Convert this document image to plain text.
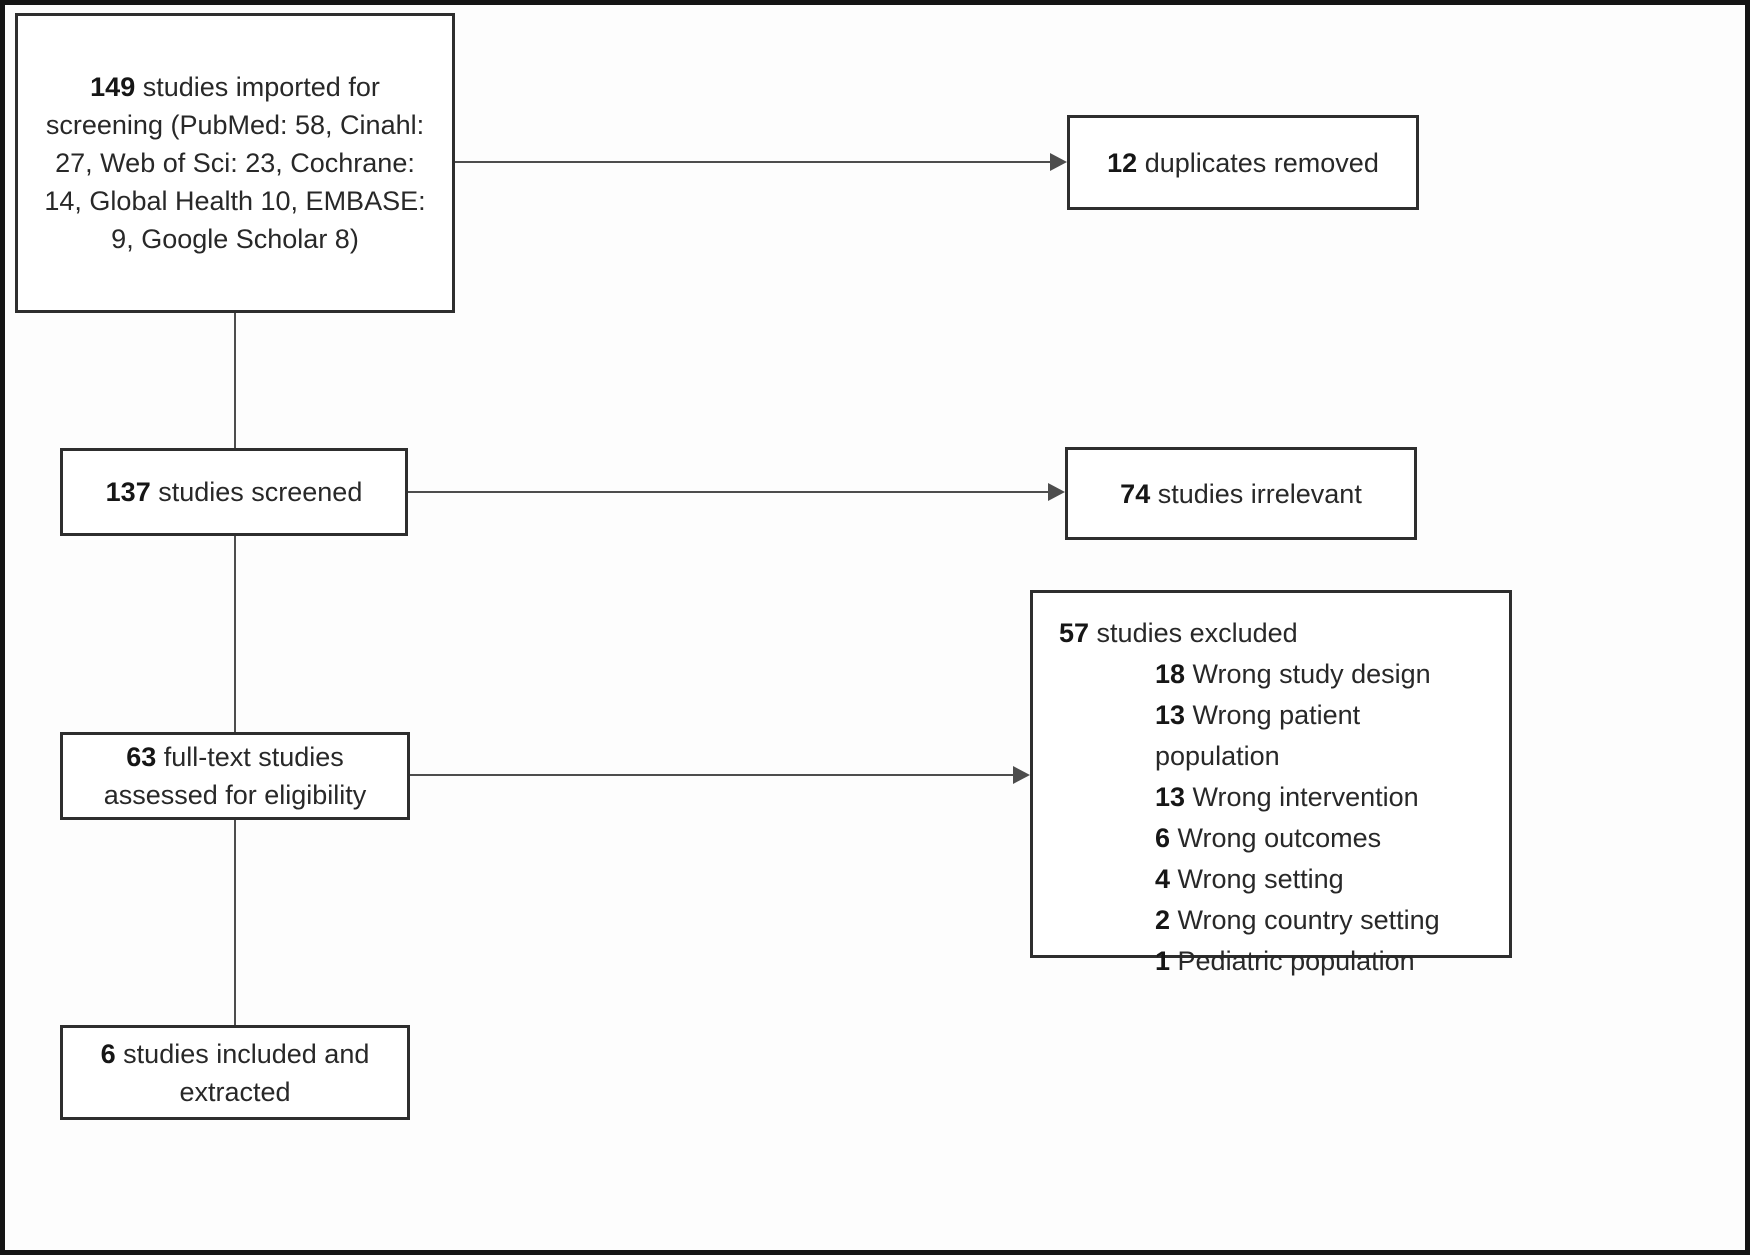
149 studies imported for screening (PubMed: 58, Cinahl: 27, Web of Sci: 23, Cochrane: 14, Global Health 10, EMBASE: 9, Google Scholar 8)

12 duplicates removed

137 studies screened	74 studies irrelevant

57 studies excluded
18 Wrong study design
13 Wrong patient population
13 Wrong intervention
6 Wrong outcomes
4 Wrong setting
2 Wrong country setting
1 Pediatric population

63 full-text studies assessed for eligibility

6 studies included and extracted
